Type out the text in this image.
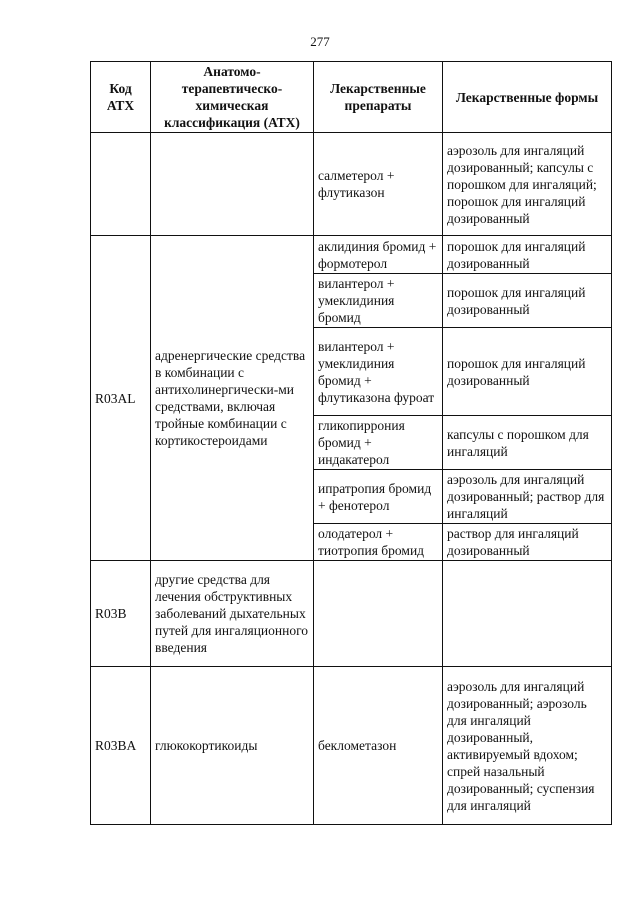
277
Код АТХ	Анатомо-терапевтическо-химическая классификация (АТХ)	Лекарственные препараты	Лекарственные формы
		салметерол + флутиказон	аэрозоль для ингаляций дозированный; капсулы с порошком для ингаляций; порошок для ингаляций дозированный
R03AL	адренергические средства в комбинации с антихолинергически-ми средствами, включая тройные комбинации с кортикостероидами	аклидиния бромид + формотерол	порошок для ингаляций дозированный
		вилантерол + умеклидиния бромид	порошок для ингаляций дозированный
		вилантерол + умеклидиния бромид + флутиказона фуроат	порошок для ингаляций дозированный
		гликопиррония бромид + индакатерол	капсулы с порошком для ингаляций
		ипратропия бромид + фенотерол	аэрозоль для ингаляций дозированный; раствор для ингаляций
		олодатерол + тиотропия бромид	раствор для ингаляций дозированный
R03B	другие средства для лечения обструктивных заболеваний дыхательных путей для ингаляционного введения		
R03BA	глюкокортикоиды	беклометазон	аэрозоль для ингаляций дозированный; аэрозоль для ингаляций дозированный, активируемый вдохом; спрей назальный дозированный; суспензия для ингаляций
